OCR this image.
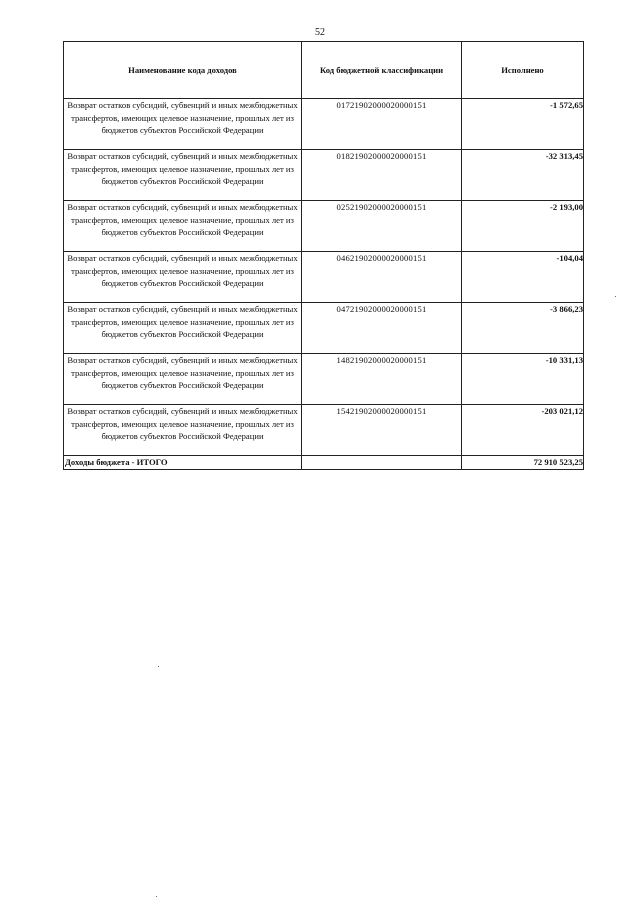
52
Наименование кода доходов	Код бюджетной классификации	Исполнено

Возврат остатков субсидий, субвенций и иных межбюджетных трансфертов, имеющих целевое назначение, прошлых лет из бюджетов субъектов Российской Федерации	01721902000020000151	-1 572,65

Возврат остатков субсидий, субвенций и иных межбюджетных трансфертов, имеющих целевое назначение, прошлых лет из бюджетов субъектов Российской Федерации	01821902000020000151	-32 313,45

Возврат остатков субсидий, субвенций и иных межбюджетных трансфертов, имеющих целевое назначение, прошлых лет из бюджетов субъектов Российской Федерации	02521902000020000151	-2 193,00

Возврат остатков субсидий, субвенций и иных межбюджетных трансфертов, имеющих целевое назначение, прошлых лет из бюджетов субъектов Российской Федерации	04621902000020000151	-104,04

Возврат остатков субсидий, субвенций и иных межбюджетных трансфертов, имеющих целевое назначение, прошлых лет из бюджетов субъектов Российской Федерации	04721902000020000151	-3 866,23

Возврат остатков субсидий, субвенций и иных межбюджетных трансфертов, имеющих целевое назначение, прошлых лет из бюджетов субъектов Российской Федерации	14821902000020000151	-10 331,13

Возврат остатков субсидий, субвенций и иных межбюджетных трансфертов, имеющих целевое назначение, прошлых лет из бюджетов субъектов Российской Федерации	15421902000020000151	-203 021,12
Доходы бюджета - ИТОГО		72 910 523,25
